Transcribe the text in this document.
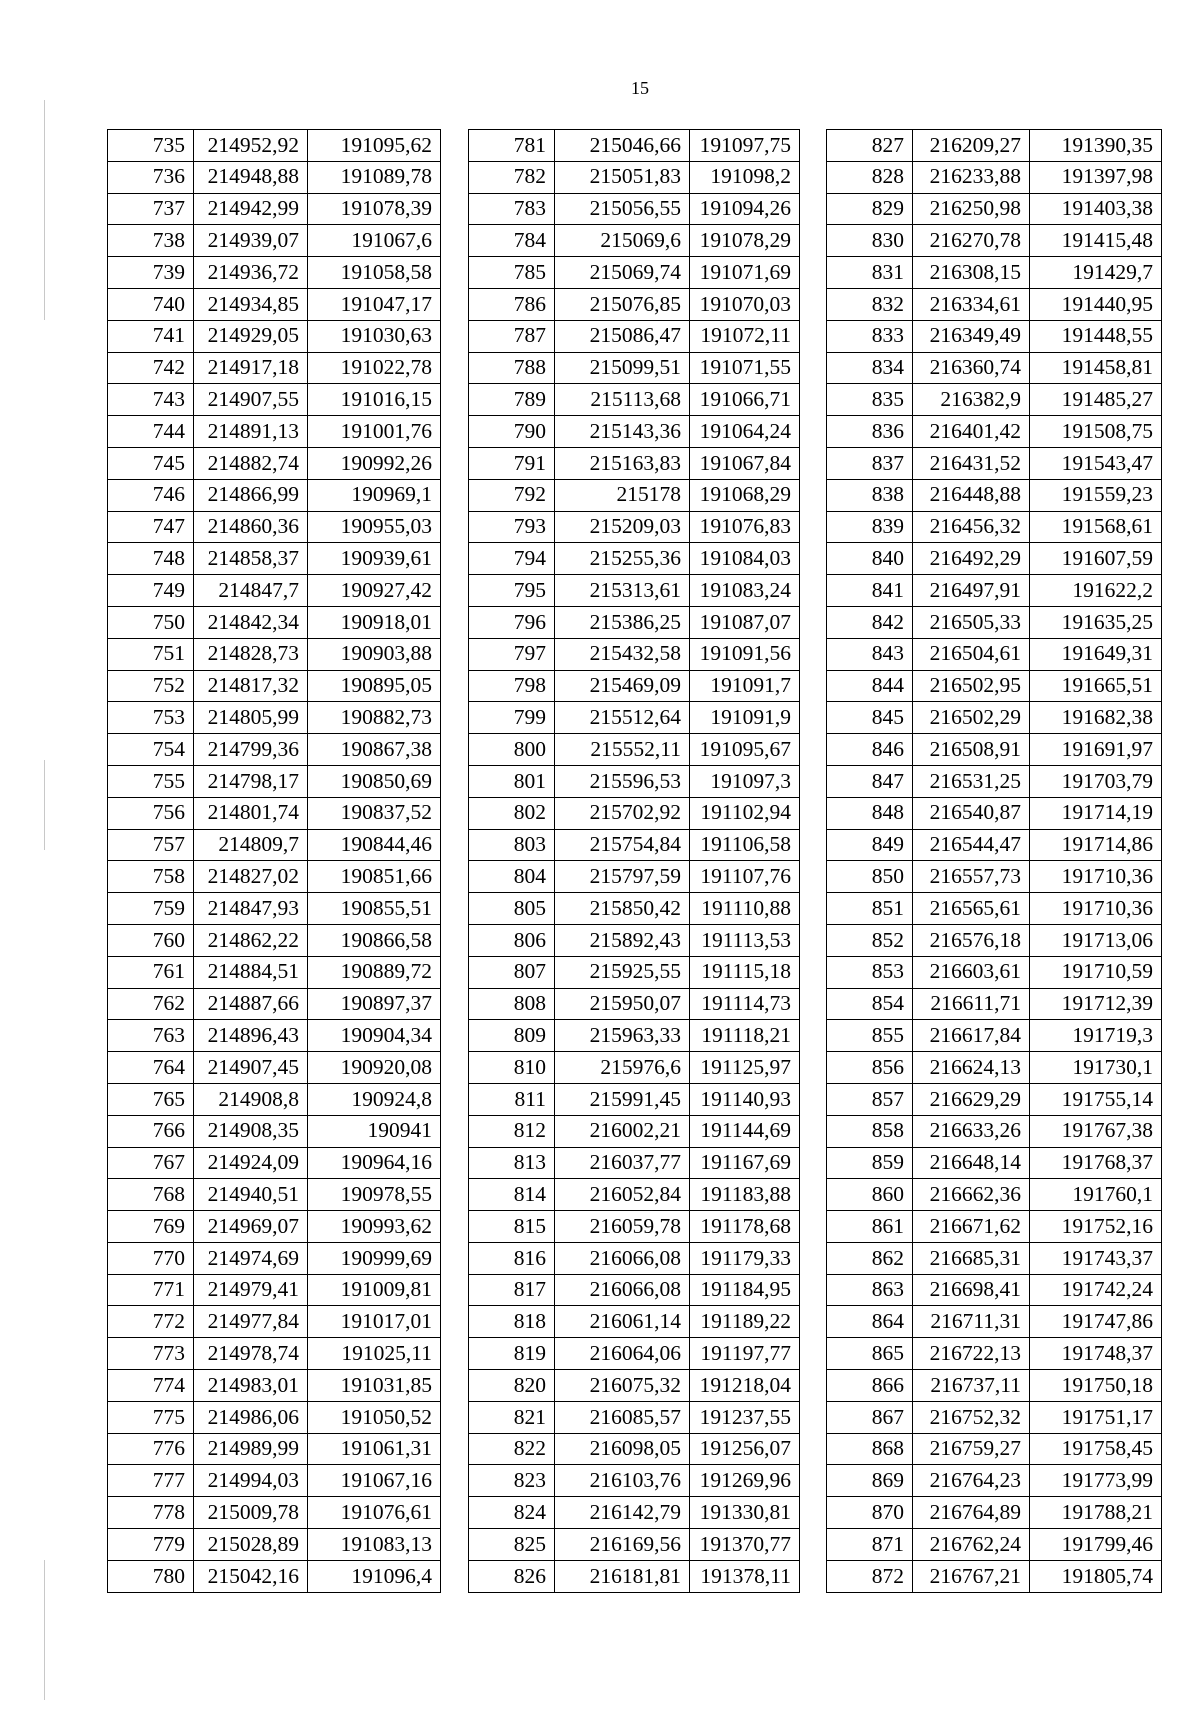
15
735	214952,92	191095,62
736	214948,88	191089,78
737	214942,99	191078,39
738	214939,07	191067,6
739	214936,72	191058,58
740	214934,85	191047,17
741	214929,05	191030,63
742	214917,18	191022,78
743	214907,55	191016,15
744	214891,13	191001,76
745	214882,74	190992,26
746	214866,99	190969,1
747	214860,36	190955,03
748	214858,37	190939,61
749	214847,7	190927,42
750	214842,34	190918,01
751	214828,73	190903,88
752	214817,32	190895,05
753	214805,99	190882,73
754	214799,36	190867,38
755	214798,17	190850,69
756	214801,74	190837,52
757	214809,7	190844,46
758	214827,02	190851,66
759	214847,93	190855,51
760	214862,22	190866,58
761	214884,51	190889,72
762	214887,66	190897,37
763	214896,43	190904,34
764	214907,45	190920,08
765	214908,8	190924,8
766	214908,35	190941
767	214924,09	190964,16
768	214940,51	190978,55
769	214969,07	190993,62
770	214974,69	190999,69
771	214979,41	191009,81
772	214977,84	191017,01
773	214978,74	191025,11
774	214983,01	191031,85
775	214986,06	191050,52
776	214989,99	191061,31
777	214994,03	191067,16
778	215009,78	191076,61
779	215028,89	191083,13
780	215042,16	191096,4
781	215046,66	191097,75
782	215051,83	191098,2
783	215056,55	191094,26
784	215069,6	191078,29
785	215069,74	191071,69
786	215076,85	191070,03
787	215086,47	191072,11
788	215099,51	191071,55
789	215113,68	191066,71
790	215143,36	191064,24
791	215163,83	191067,84
792	215178	191068,29
793	215209,03	191076,83
794	215255,36	191084,03
795	215313,61	191083,24
796	215386,25	191087,07
797	215432,58	191091,56
798	215469,09	191091,7
799	215512,64	191091,9
800	215552,11	191095,67
801	215596,53	191097,3
802	215702,92	191102,94
803	215754,84	191106,58
804	215797,59	191107,76
805	215850,42	191110,88
806	215892,43	191113,53
807	215925,55	191115,18
808	215950,07	191114,73
809	215963,33	191118,21
810	215976,6	191125,97
811	215991,45	191140,93
812	216002,21	191144,69
813	216037,77	191167,69
814	216052,84	191183,88
815	216059,78	191178,68
816	216066,08	191179,33
817	216066,08	191184,95
818	216061,14	191189,22
819	216064,06	191197,77
820	216075,32	191218,04
821	216085,57	191237,55
822	216098,05	191256,07
823	216103,76	191269,96
824	216142,79	191330,81
825	216169,56	191370,77
826	216181,81	191378,11
827	216209,27	191390,35
828	216233,88	191397,98
829	216250,98	191403,38
830	216270,78	191415,48
831	216308,15	191429,7
832	216334,61	191440,95
833	216349,49	191448,55
834	216360,74	191458,81
835	216382,9	191485,27
836	216401,42	191508,75
837	216431,52	191543,47
838	216448,88	191559,23
839	216456,32	191568,61
840	216492,29	191607,59
841	216497,91	191622,2
842	216505,33	191635,25
843	216504,61	191649,31
844	216502,95	191665,51
845	216502,29	191682,38
846	216508,91	191691,97
847	216531,25	191703,79
848	216540,87	191714,19
849	216544,47	191714,86
850	216557,73	191710,36
851	216565,61	191710,36
852	216576,18	191713,06
853	216603,61	191710,59
854	216611,71	191712,39
855	216617,84	191719,3
856	216624,13	191730,1
857	216629,29	191755,14
858	216633,26	191767,38
859	216648,14	191768,37
860	216662,36	191760,1
861	216671,62	191752,16
862	216685,31	191743,37
863	216698,41	191742,24
864	216711,31	191747,86
865	216722,13	191748,37
866	216737,11	191750,18
867	216752,32	191751,17
868	216759,27	191758,45
869	216764,23	191773,99
870	216764,89	191788,21
871	216762,24	191799,46
872	216767,21	191805,74
